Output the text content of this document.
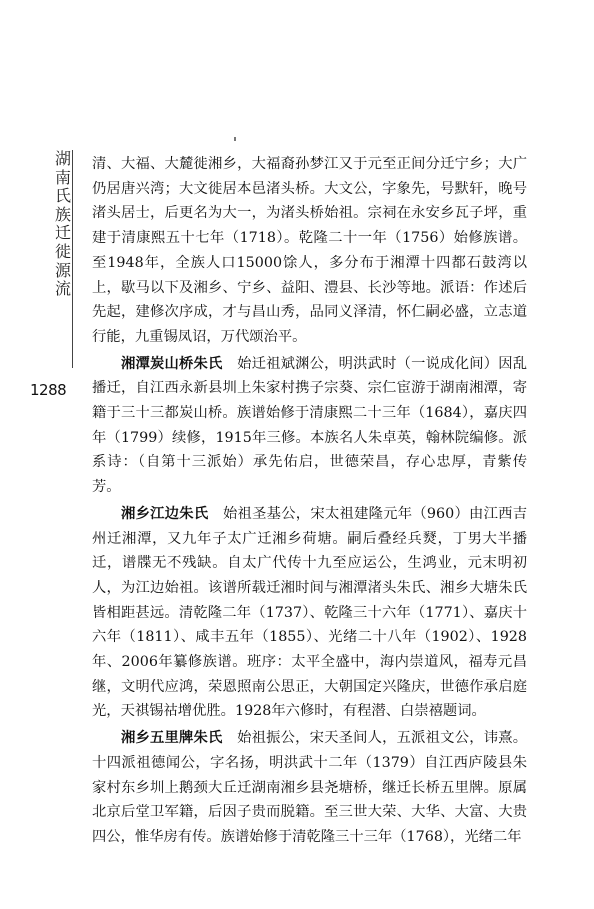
湖南氏族迁徙源流
1288

清、大福、大麓徙湘乡，大福裔孙梦江又于元至正间分迁宁乡；大广仍居唐兴湾；大文徙居本邑渚头桥。大文公，字象先，号默轩，晚号渚头居士，后更名为大一，为渚头桥始祖。宗祠在永安乡瓦子坪，重建于清康熙五十七年（1718）。乾隆二十一年（1756）始修族谱。至1948年，全族人口15000馀人，多分布于湘潭十四都石鼓湾以上，歇马以下及湘乡、宁乡、益阳、澧县、长沙等地。派语：作述后先起，建修次序成，才与昌山秀，品同义泽清，怀仁嗣必盛，立志道行能，九重锡凤诏，万代颂治平。

湘潭炭山桥朱氏　 始迁祖斌渊公，明洪武时（一说成化间）因乱播迁，自江西永新县圳上朱家村携子宗葵、宗仁宦游于湖南湘潭，寄籍于三十三都炭山桥。族谱始修于清康熙二十三年（1684），嘉庆四年（1799）续修，1915年三修。本族名人朱卓英，翰林院编修。派系诗：（自第十三派始）承先佑启，世德荣昌，存心忠厚，青紫传芳。

湘乡江边朱氏　 始祖圣基公，宋太祖建隆元年（960）由江西吉州迁湘潭，又九年子太广迁湘乡荷塘。嗣后叠经兵燹，丁男大半播迁，谱牒无不残缺。自太广代传十九至应运公，生鸿业，元末明初人，为江边始祖。该谱所载迁湘时间与湘潭渚头朱氏、湘乡大塘朱氏皆相距甚远。清乾隆二年（1737）、乾隆三十六年（1771）、嘉庆十六年（1811）、咸丰五年（1855）、光绪二十八年（1902）、1928年、2006年纂修族谱。班序：太平全盛中，海内崇道风，福寿元昌继，文明代应鸿，荣恩照南公思正，大朝国定兴隆庆，世德作承启庭光，天祺锡祜增优胜。1928年六修时，有程潜、白崇禧题词。

湘乡五里牌朱氏　 始祖振公，宋天圣间人，五派祖文公，讳熹。十四派祖德闻公，字名扬，明洪武十二年（1379）自江西庐陵县朱家村东乡圳上鹅颈大丘迁湖南湘乡县尧塘桥，继迁长桥五里牌。原属北京后堂卫军籍，后因子贵而脱籍。至三世大荣、大华、大富、大贵四公，惟华房有传。族谱始修于清乾隆三十三年（1768），光绪二年
